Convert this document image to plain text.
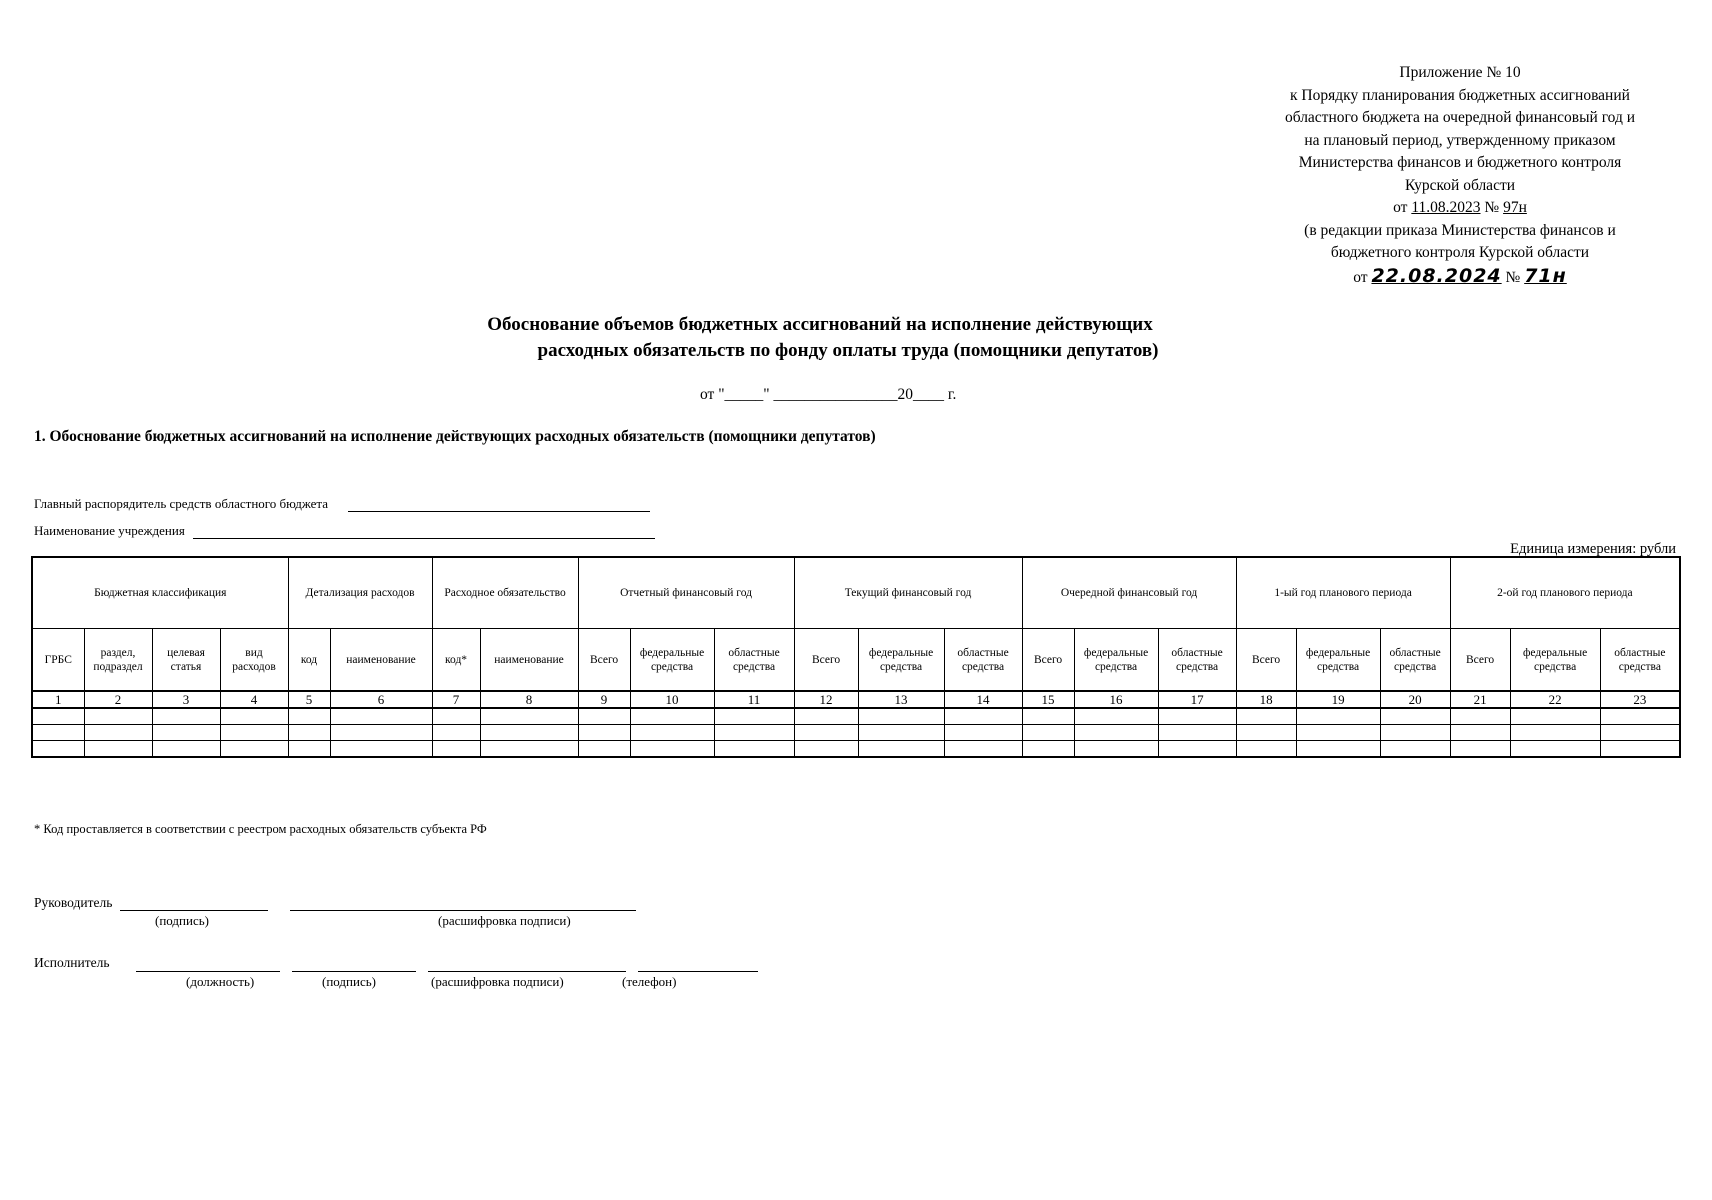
Приложение № 10
к Порядку планирования бюджетных ассигнований
областного бюджета на очередной финансовый год и
на плановый период, утвержденному приказом
Министерства финансов и бюджетного контроля
Курской области
от 11.08.2023 № 97н
(в редакции приказа Министерства финансов и
бюджетного контроля Курской области
от 22.08.2024 № 71н
Обоснование объемов бюджетных ассигнований на исполнение действующих
расходных обязательств по фонду оплаты труда (помощники депутатов)
от "_____" ________________20____ г.
1. Обоснование бюджетных ассигнований на исполнение действующих расходных обязательств (помощники депутатов)
Главный распорядитель средств областного бюджета
Наименование учреждения
Единица измерения: рубли
Бюджетная классификация				Детализация расходов		Расходное обязательство		Отчетный финансовый год			Текущий финансовый год			Очередной финансовый год			1-ый год планового периода			2-ой год планового периода		
ГРБС	раздел, подраздел	целевая статья	вид расходов	код	наименование	код*	наименование	Всего	федеральные средства	областные средства	Всего	федеральные средства	областные средства	Всего	федеральные средства	областные средства	Всего	федеральные средства	областные средства	Всего	федеральные средства	областные средства
1	2	3	4	5	6	7	8	9	10	11	12	13	14	15	16	17	18	19	20	21	22	23

* Код проставляется в соответствии с реестром расходных обязательств субъекта РФ
Руководитель
(подпись)	(расшифровка подписи)
Исполнитель
(должность)	(подпись)	(расшифровка подписи)	(телефон)
